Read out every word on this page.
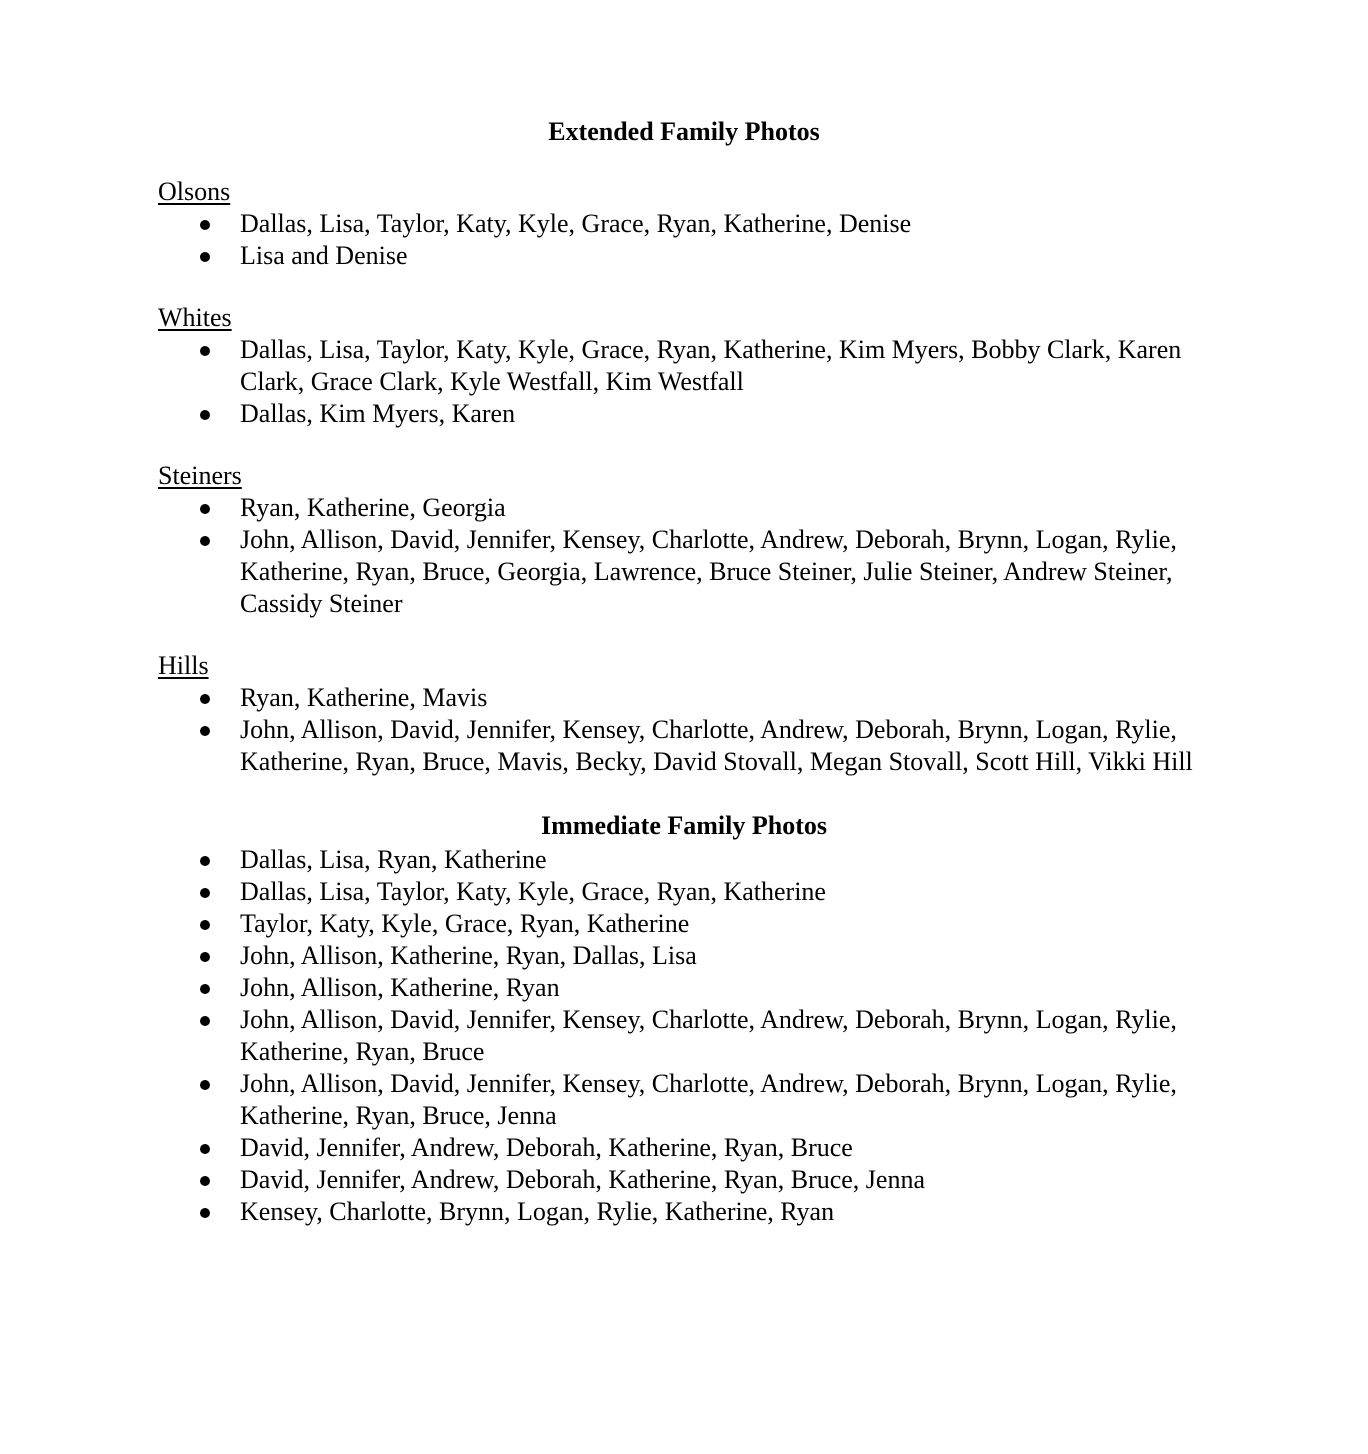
Extended Family Photos
Olsons
Dallas, Lisa, Taylor, Katy, Kyle, Grace, Ryan, Katherine, Denise
Lisa and Denise
Whites
Dallas, Lisa, Taylor, Katy, Kyle, Grace, Ryan, Katherine, Kim Myers, Bobby Clark, Karen Clark, Grace Clark, Kyle Westfall, Kim Westfall
Dallas, Kim Myers, Karen
Steiners
Ryan, Katherine, Georgia
John, Allison, David, Jennifer, Kensey, Charlotte, Andrew, Deborah, Brynn, Logan, Rylie, Katherine, Ryan, Bruce, Georgia, Lawrence, Bruce Steiner, Julie Steiner, Andrew Steiner, Cassidy Steiner
Hills
Ryan, Katherine, Mavis
John, Allison, David, Jennifer, Kensey, Charlotte, Andrew, Deborah, Brynn, Logan, Rylie, Katherine, Ryan, Bruce, Mavis, Becky, David Stovall, Megan Stovall, Scott Hill, Vikki Hill
Immediate Family Photos
Dallas, Lisa, Ryan, Katherine
Dallas, Lisa, Taylor, Katy, Kyle, Grace, Ryan, Katherine
Taylor, Katy, Kyle, Grace, Ryan, Katherine
John, Allison, Katherine, Ryan, Dallas, Lisa
John, Allison, Katherine, Ryan
John, Allison, David, Jennifer, Kensey, Charlotte, Andrew, Deborah, Brynn, Logan, Rylie, Katherine, Ryan, Bruce
John, Allison, David, Jennifer, Kensey, Charlotte, Andrew, Deborah, Brynn, Logan, Rylie, Katherine, Ryan, Bruce, Jenna
David, Jennifer, Andrew, Deborah, Katherine, Ryan, Bruce
David, Jennifer, Andrew, Deborah, Katherine, Ryan, Bruce, Jenna
Kensey, Charlotte, Brynn, Logan, Rylie, Katherine, Ryan
